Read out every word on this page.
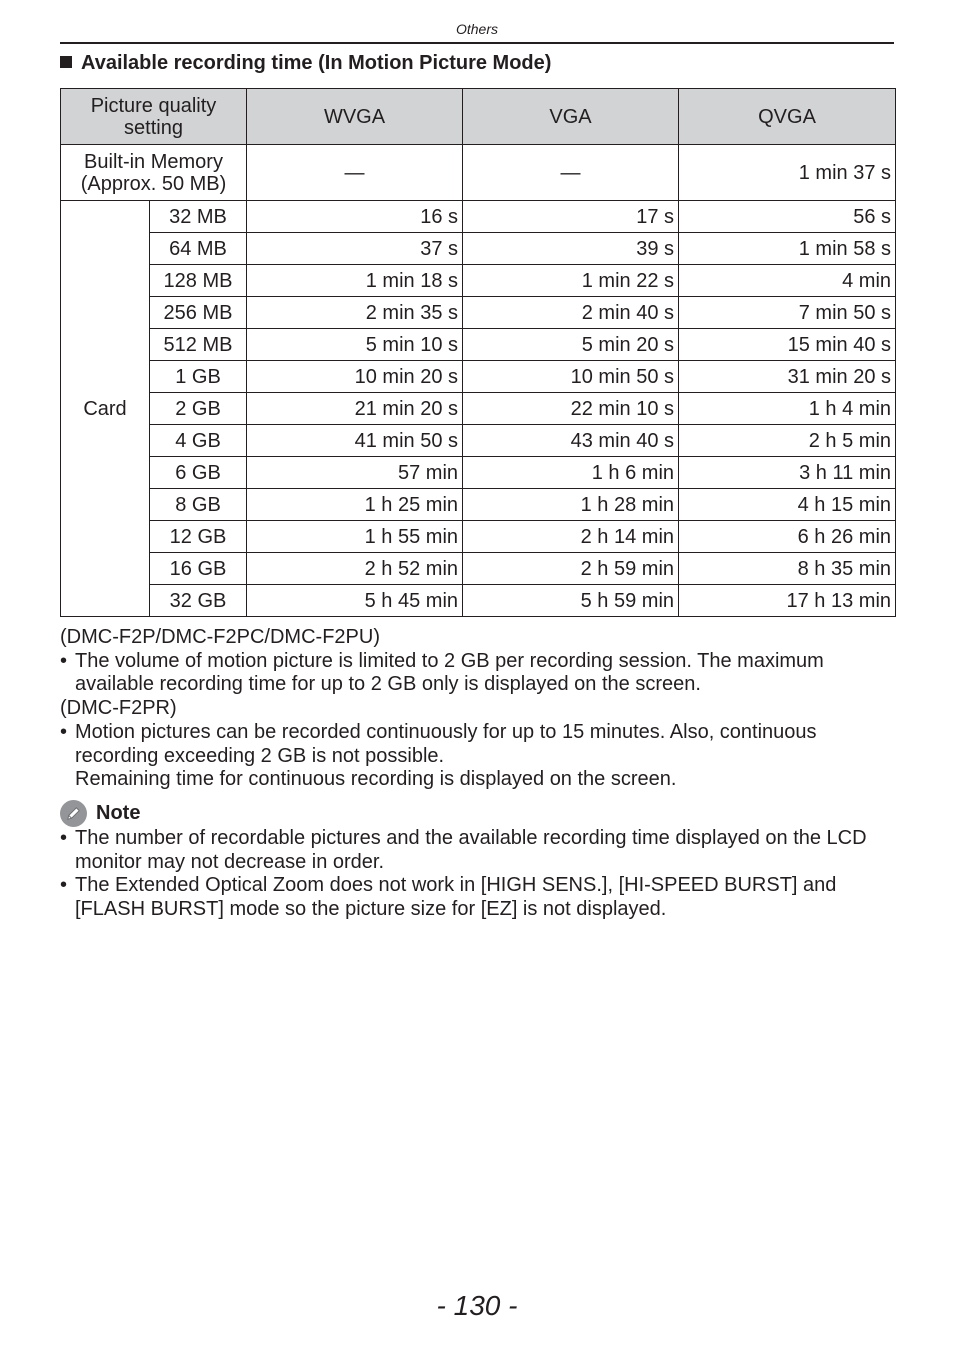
Others
Available recording time (In Motion Picture Mode)
Picture quality setting		WVGA	VGA	QVGA
Built-in Memory (Approx. 50 MB)		—	—	1 min 37 s
Card	32 MB	16 s	17 s	56 s
	64 MB	37 s	39 s	1 min 58 s
	128 MB	1 min 18 s	1 min 22 s	4 min
	256 MB	2 min 35 s	2 min 40 s	7 min 50 s
	512 MB	5 min 10 s	5 min 20 s	15 min 40 s
	1 GB	10 min 20 s	10 min 50 s	31 min 20 s
	2 GB	21 min 20 s	22 min 10 s	1 h 4 min
	4 GB	41 min 50 s	43 min 40 s	2 h 5 min
	6 GB	57 min	1 h 6 min	3 h 11 min
	8 GB	1 h 25 min	1 h 28 min	4 h 15 min
	12 GB	1 h 55 min	2 h 14 min	6 h 26 min
	16 GB	2 h 52 min	2 h 59 min	8 h 35 min
	32 GB	5 h 45 min	5 h 59 min	17 h 13 min

(DMC-F2P/DMC-F2PC/DMC-F2PU)

• The volume of motion picture is limited to 2 GB per recording session. The maximum available recording time for up to 2 GB only is displayed on the screen.

(DMC-F2PR)

• Motion pictures can be recorded continuously for up to 15 minutes. Also, continuous recording exceeding 2 GB is not possible.
Remaining time for continuous recording is displayed on the screen.
Note
• The number of recordable pictures and the available recording time displayed on the LCD monitor may not decrease in order.
• The Extended Optical Zoom does not work in [HIGH SENS.], [HI-SPEED BURST] and [FLASH BURST] mode so the picture size for [EZ] is not displayed.
- 130 -
